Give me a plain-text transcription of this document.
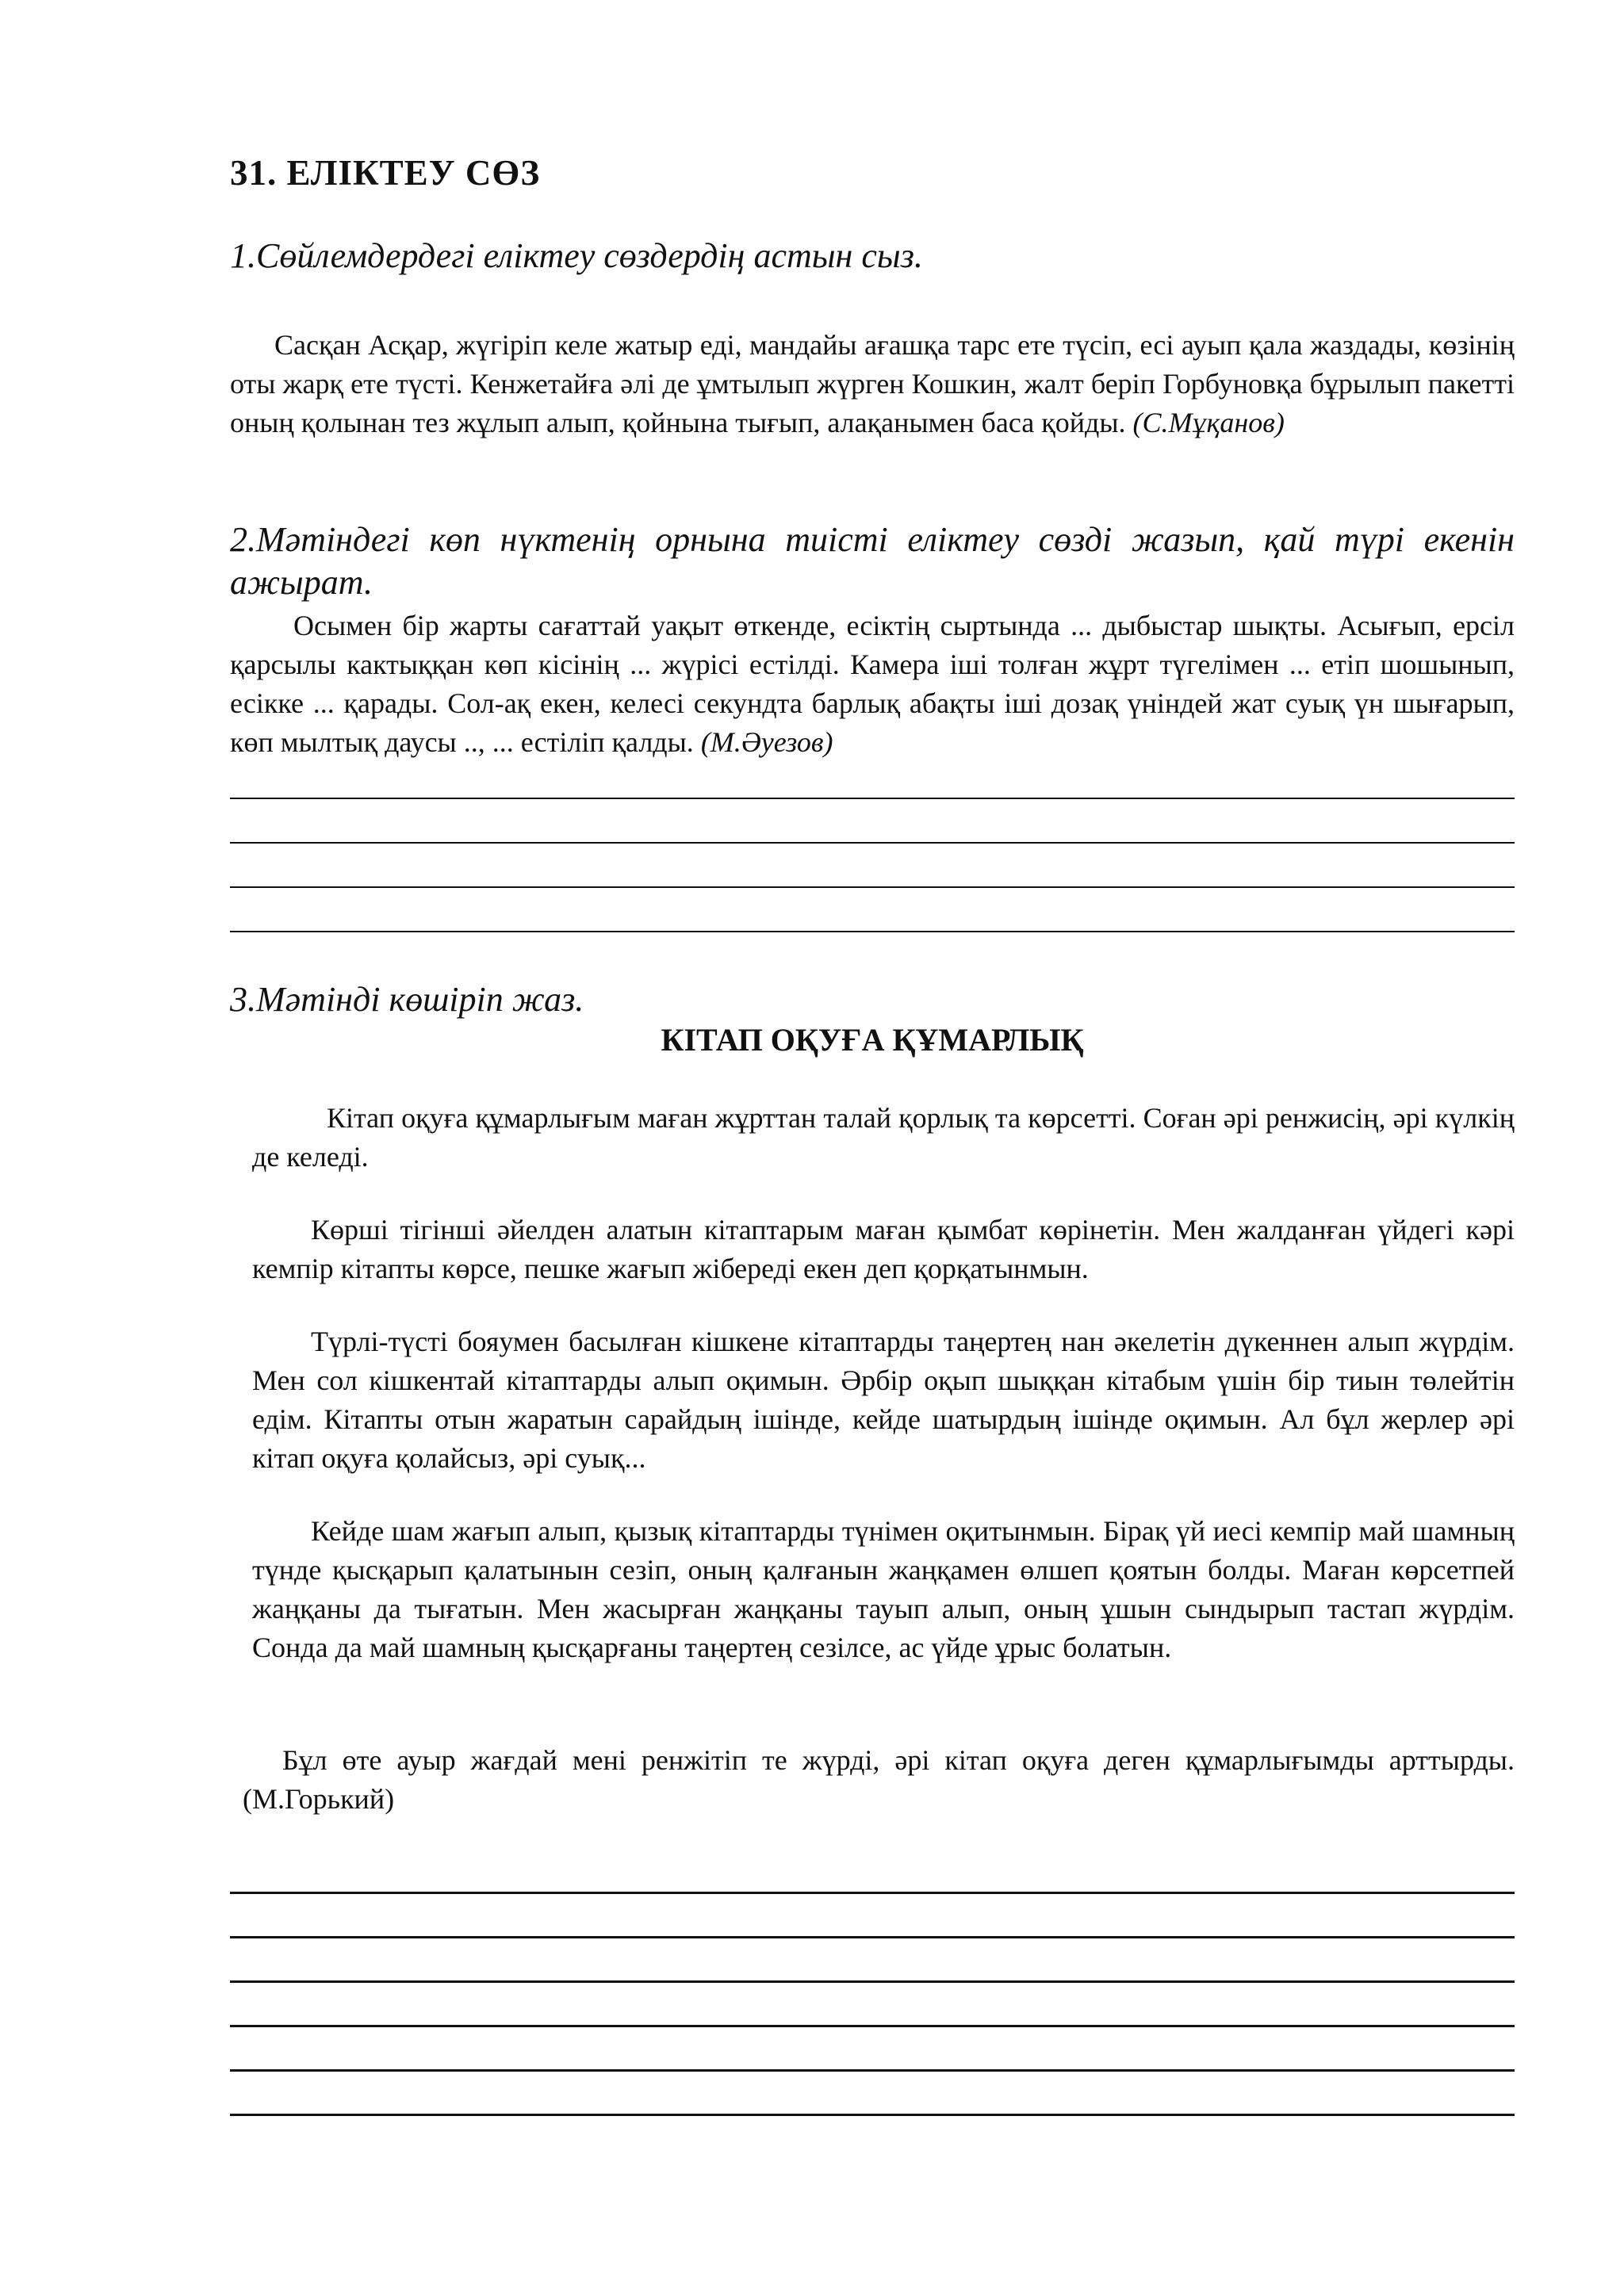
31. ЕЛІКТЕУ СӨЗ
1.Сөйлемдердегі еліктеу сөздердің астын сыз.
Сасқан Асқар, жүгіріп келе жатыр еді, мандайы ағашқа тарс ете түсіп, есі ауып қала жаздады, көзінің оты жарқ ете түсті. Кенжетайға әлі де ұмтылып жүрген Кошкин, жалт беріп Горбуновқа бұрылып пакетті оның қолынан тез жұлып алып, қойнына тығып, алақанымен баса қойды. (С.Мұқанов)
2.Мәтіндегі көп нүктенің орнына тиісті еліктеу сөзді жазып, қай түрі екенін ажырат.
Осымен бір жарты сағаттай уақыт өткенде, есіктің сыртында ... дыбыстар шықты. Асығып, ерсіл қарсылы кактыққан көп кісінің ... жүрісі естілді. Камера іші толған жұрт түгелімен ... етіп шошынып, есікке ... қарады. Сол-ақ екен, келесі секундта барлық абақты іші дозақ үніндей жат суық үн шығарып, көп мылтық даусы .., ... естіліп қалды. (М.Әуезов)
3.Мәтінді көшіріп жаз.
КІТАП ОҚУҒА ҚҰМАРЛЫҚ
Кітап оқуға құмарлығым маған жұрттан талай қорлық та көрсетті. Соған әрі ренжисің, әрі күлкің де келеді.
Көрші тігінші әйелден алатын кітаптарым маған қымбат көрінетін. Мен жалданған үйдегі кәрі кемпір кітапты көрсе, пешке жағып жібереді екен деп қорқатынмын.
Түрлі-түсті бояумен басылған кішкене кітаптарды таңертең нан әкелетін дүкеннен алып жүрдім. Мен сол кішкентай кітаптарды алып оқимын. Әрбір оқып шыққан кітабым үшін бір тиын төлейтін едім. Кітапты отын жаратын сарайдың ішінде, кейде шатырдың ішінде оқимын. Ал бұл жерлер әрі кітап оқуға қолайсыз, әрі суық...
Кейде шам жағып алып, қызық кітаптарды түнімен оқитынмын. Бірақ үй иесі кемпір май шамның түнде қысқарып қалатынын сезіп, оның қалғанын жаңқамен өлшеп қоятын болды. Маған көрсетпей жаңқаны да тығатын. Мен жасырған жаңқаны тауып алып, оның ұшын сындырып тастап жүрдім. Сонда да май шамның қысқарғаны таңертең сезілсе, ас үйде ұрыс болатын.
Бұл өте ауыр жағдай мені ренжітіп те жүрді, әрі кітап оқуға деген құмарлығымды арттырды. (М.Горький)
